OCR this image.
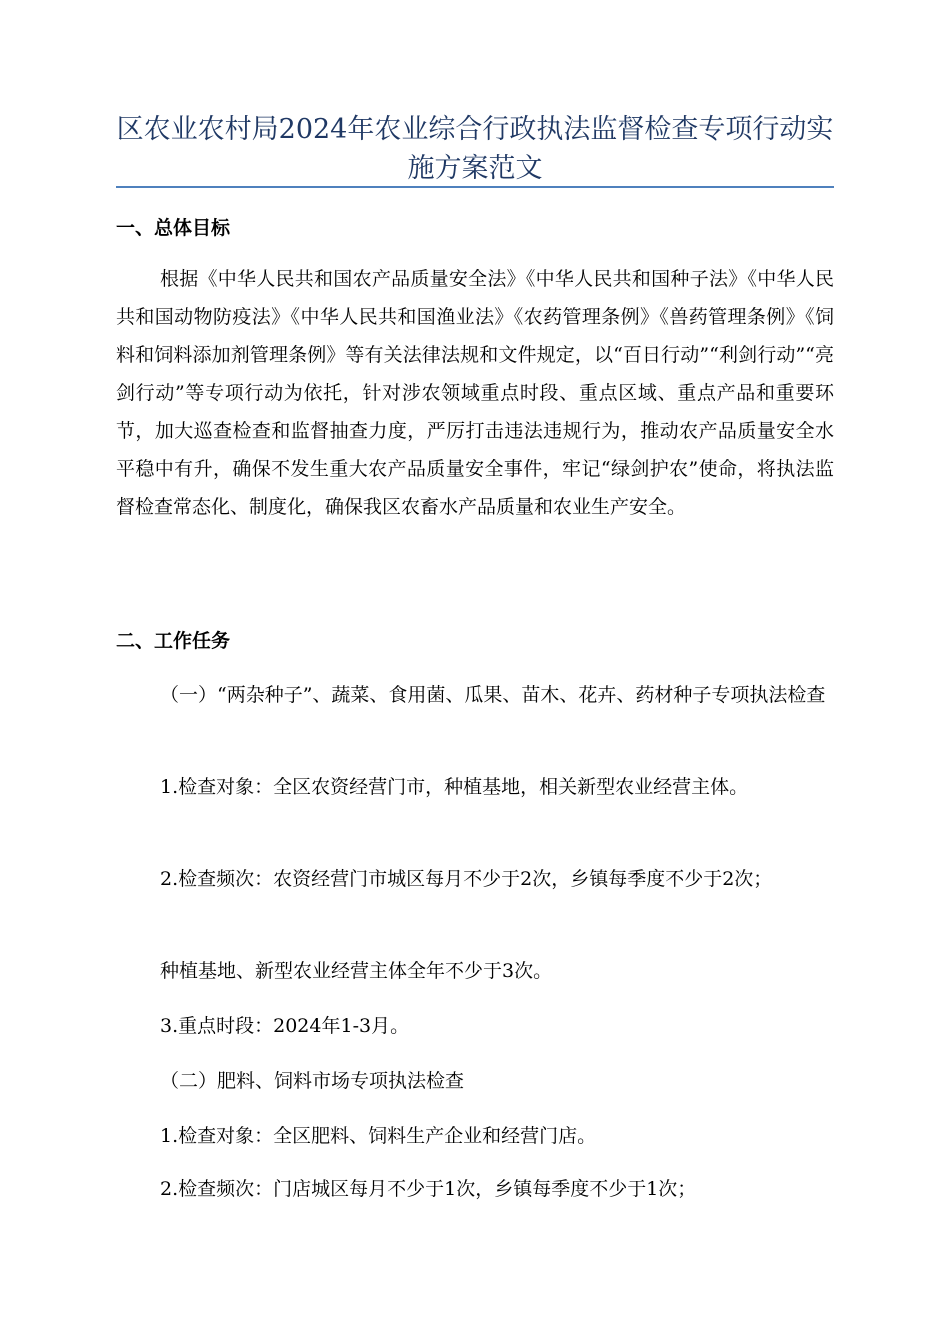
区农业农村局2024年农业综合行政执法监督检查专项行动实施方案范文
一、总体目标

根据《中华人民共和国农产品质量安全法》《中华人民共和国种子法》《中华人民共和国动物防疫法》《中华人民共和国渔业法》《农药管理条例》《兽药管理条例》《饲料和饲料添加剂管理条例》等有关法律法规和文件规定，以“百日行动”“利剑行动”“亮剑行动”等专项行动为依托，针对涉农领域重点时段、重点区域、重点产品和重要环节，加大巡查检查和监督抽查力度，严厉打击违法违规行为，推动农产品质量安全水平稳中有升，确保不发生重大农产品质量安全事件，牢记“绿剑护农”使命，将执法监督检查常态化、制度化，确保我区农畜水产品质量和农业生产安全。

二、工作任务

（一）“两杂种子”、蔬菜、食用菌、瓜果、苗木、花卉、药材种子专项执法检查

1.检查对象：全区农资经营门市，种植基地，相关新型农业经营主体。

2.检查频次：农资经营门市城区每月不少于2次，乡镇每季度不少于2次；

种植基地、新型农业经营主体全年不少于3次。

3.重点时段：2024年1-3月。

（二）肥料、饲料市场专项执法检查

1.检查对象：全区肥料、饲料生产企业和经营门店。

2.检查频次：门店城区每月不少于1次，乡镇每季度不少于1次；
